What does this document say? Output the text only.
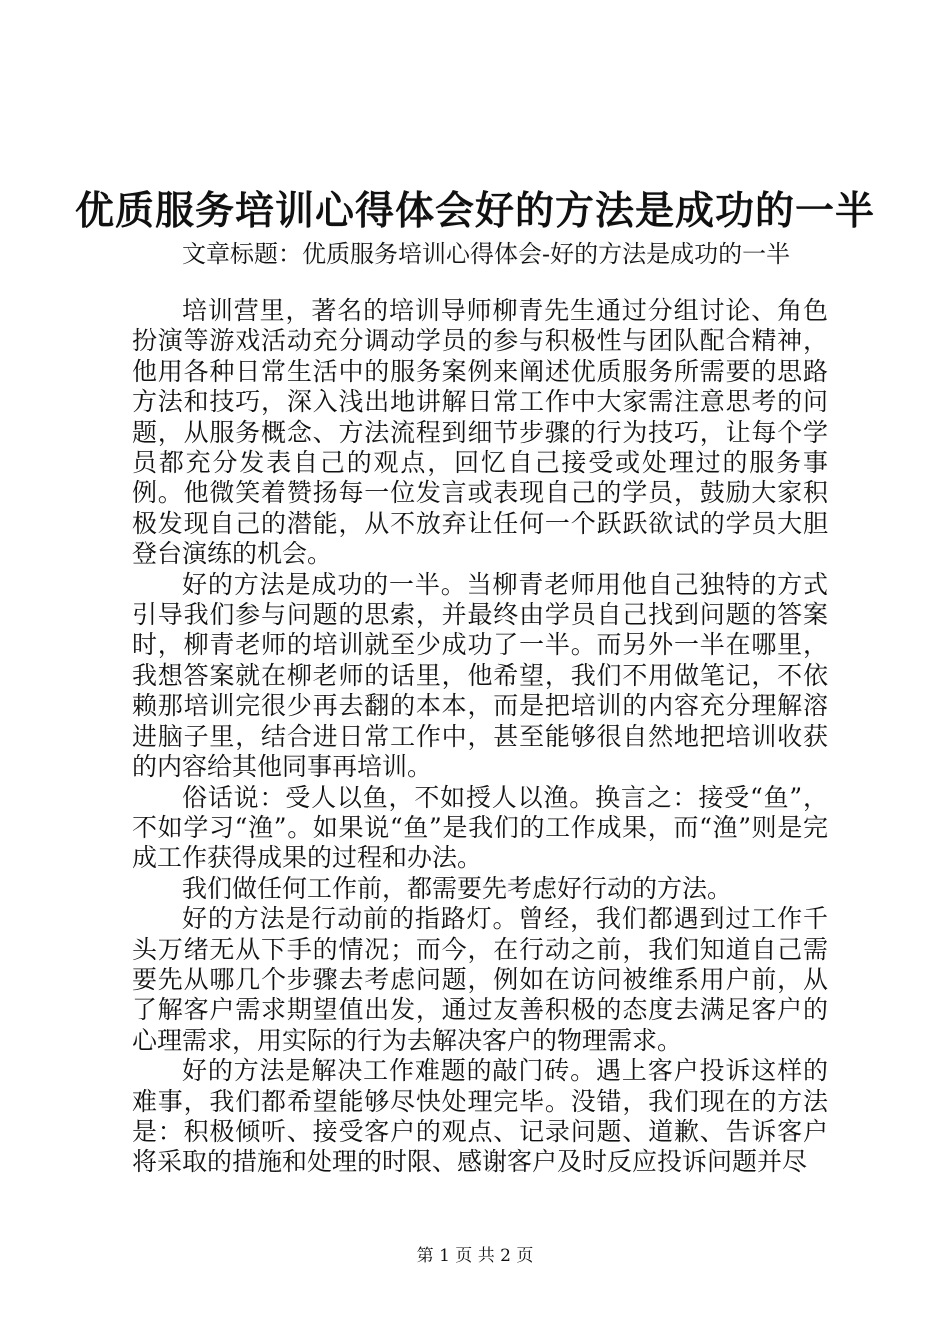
优质服务培训心得体会好的方法是成功的一半
文章标题：优质服务培训心得体会-好的方法是成功的一半

培训营里，著名的培训导师柳青先生通过分组讨论、角色扮演等游戏活动充分调动学员的参与积极性与团队配合精神，他用各种日常生活中的服务案例来阐述优质服务所需要的思路方法和技巧，深入浅出地讲解日常工作中大家需注意思考的问题，从服务概念、方法流程到细节步骤的行为技巧，让每个学员都充分发表自己的观点，回忆自己接受或处理过的服务事例。他微笑着赞扬每一位发言或表现自己的学员，鼓励大家积极发现自己的潜能，从不放弃让任何一个跃跃欲试的学员大胆登台演练的机会。

好的方法是成功的一半。当柳青老师用他自己独特的方式引导我们参与问题的思索，并最终由学员自己找到问题的答案时，柳青老师的培训就至少成功了一半。而另外一半在哪里，我想答案就在柳老师的话里，他希望，我们不用做笔记，不依赖那培训完很少再去翻的本本，而是把培训的内容充分理解溶进脑子里，结合进日常工作中，甚至能够很自然地把培训收获的内容给其他同事再培训。

俗话说：受人以鱼，不如授人以渔。换言之：接受“鱼”，不如学习“渔”。如果说“鱼”是我们的工作成果，而“渔”则是完成工作获得成果的过程和办法。

我们做任何工作前，都需要先考虑好行动的方法。

好的方法是行动前的指路灯。曾经，我们都遇到过工作千头万绪无从下手的情况；而今，在行动之前，我们知道自己需要先从哪几个步骤去考虑问题，例如在访问被维系用户前，从了解客户需求期望值出发，通过友善积极的态度去满足客户的心理需求，用实际的行为去解决客户的物理需求。

好的方法是解决工作难题的敲门砖。遇上客户投诉这样的难事，我们都希望能够尽快处理完毕。没错，我们现在的方法是：积极倾听、接受客户的观点、记录问题、道歉、告诉客户将采取的措施和处理的时限、感谢客户及时反应投诉问题并尽

第 1 页 共 2 页
